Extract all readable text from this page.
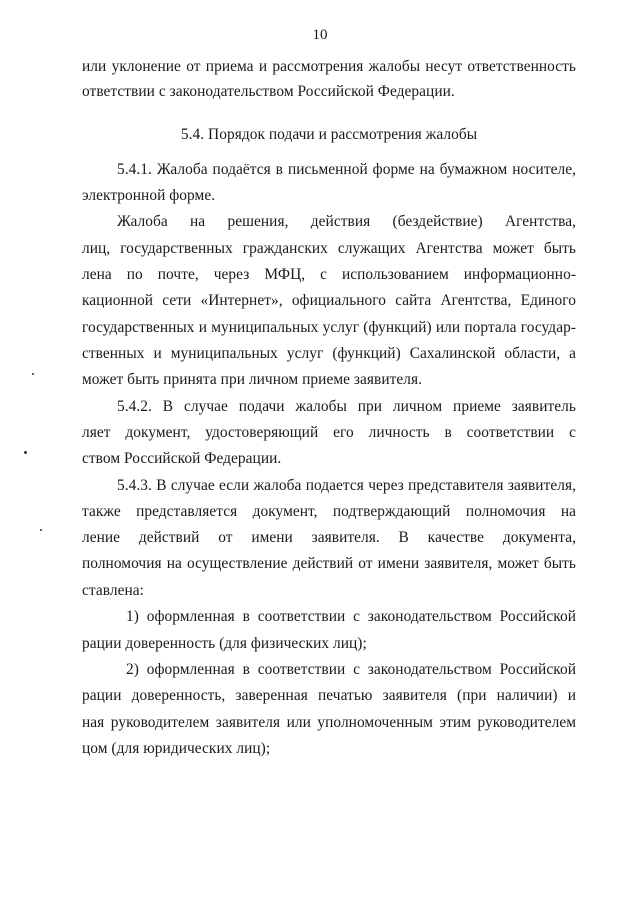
10
или уклонение от приема и рассмотрения жалобы несут ответственность
ответствии с законодательством Российской Федерации.
5.4. Порядок подачи и рассмотрения жалобы
5.4.1. Жалоба подаётся в письменной форме на бумажном носителе,
электронной форме.
Жалоба на решения, действия (бездействие) Агентства,
лиц, государственных гражданских служащих Агентства может быть
лена по почте, через МФЦ, с использованием информационно-
кационной сети «Интернет», официального сайта Агентства, Единого
государственных и муниципальных услуг (функций) или портала государ-
ственных и муниципальных услуг (функций) Сахалинской области, а
может быть принята при личном приеме заявителя.
5.4.2. В случае подачи жалобы при личном приеме заявитель
ляет документ, удостоверяющий его личность в соответствии с
ством Российской Федерации.
5.4.3. В случае если жалоба подается через представителя заявителя,
также представляется документ, подтверждающий полномочия на
ление действий от имени заявителя. В качестве документа,
полномочия на осуществление действий от имени заявителя, может быть
ставлена:
1) оформленная в соответствии с законодательством Российской
рации доверенность (для физических лиц);
2) оформленная в соответствии с законодательством Российской
рации доверенность, заверенная печатью заявителя (при наличии) и
ная руководителем заявителя или уполномоченным этим руководителем
цом (для юридических лиц);
